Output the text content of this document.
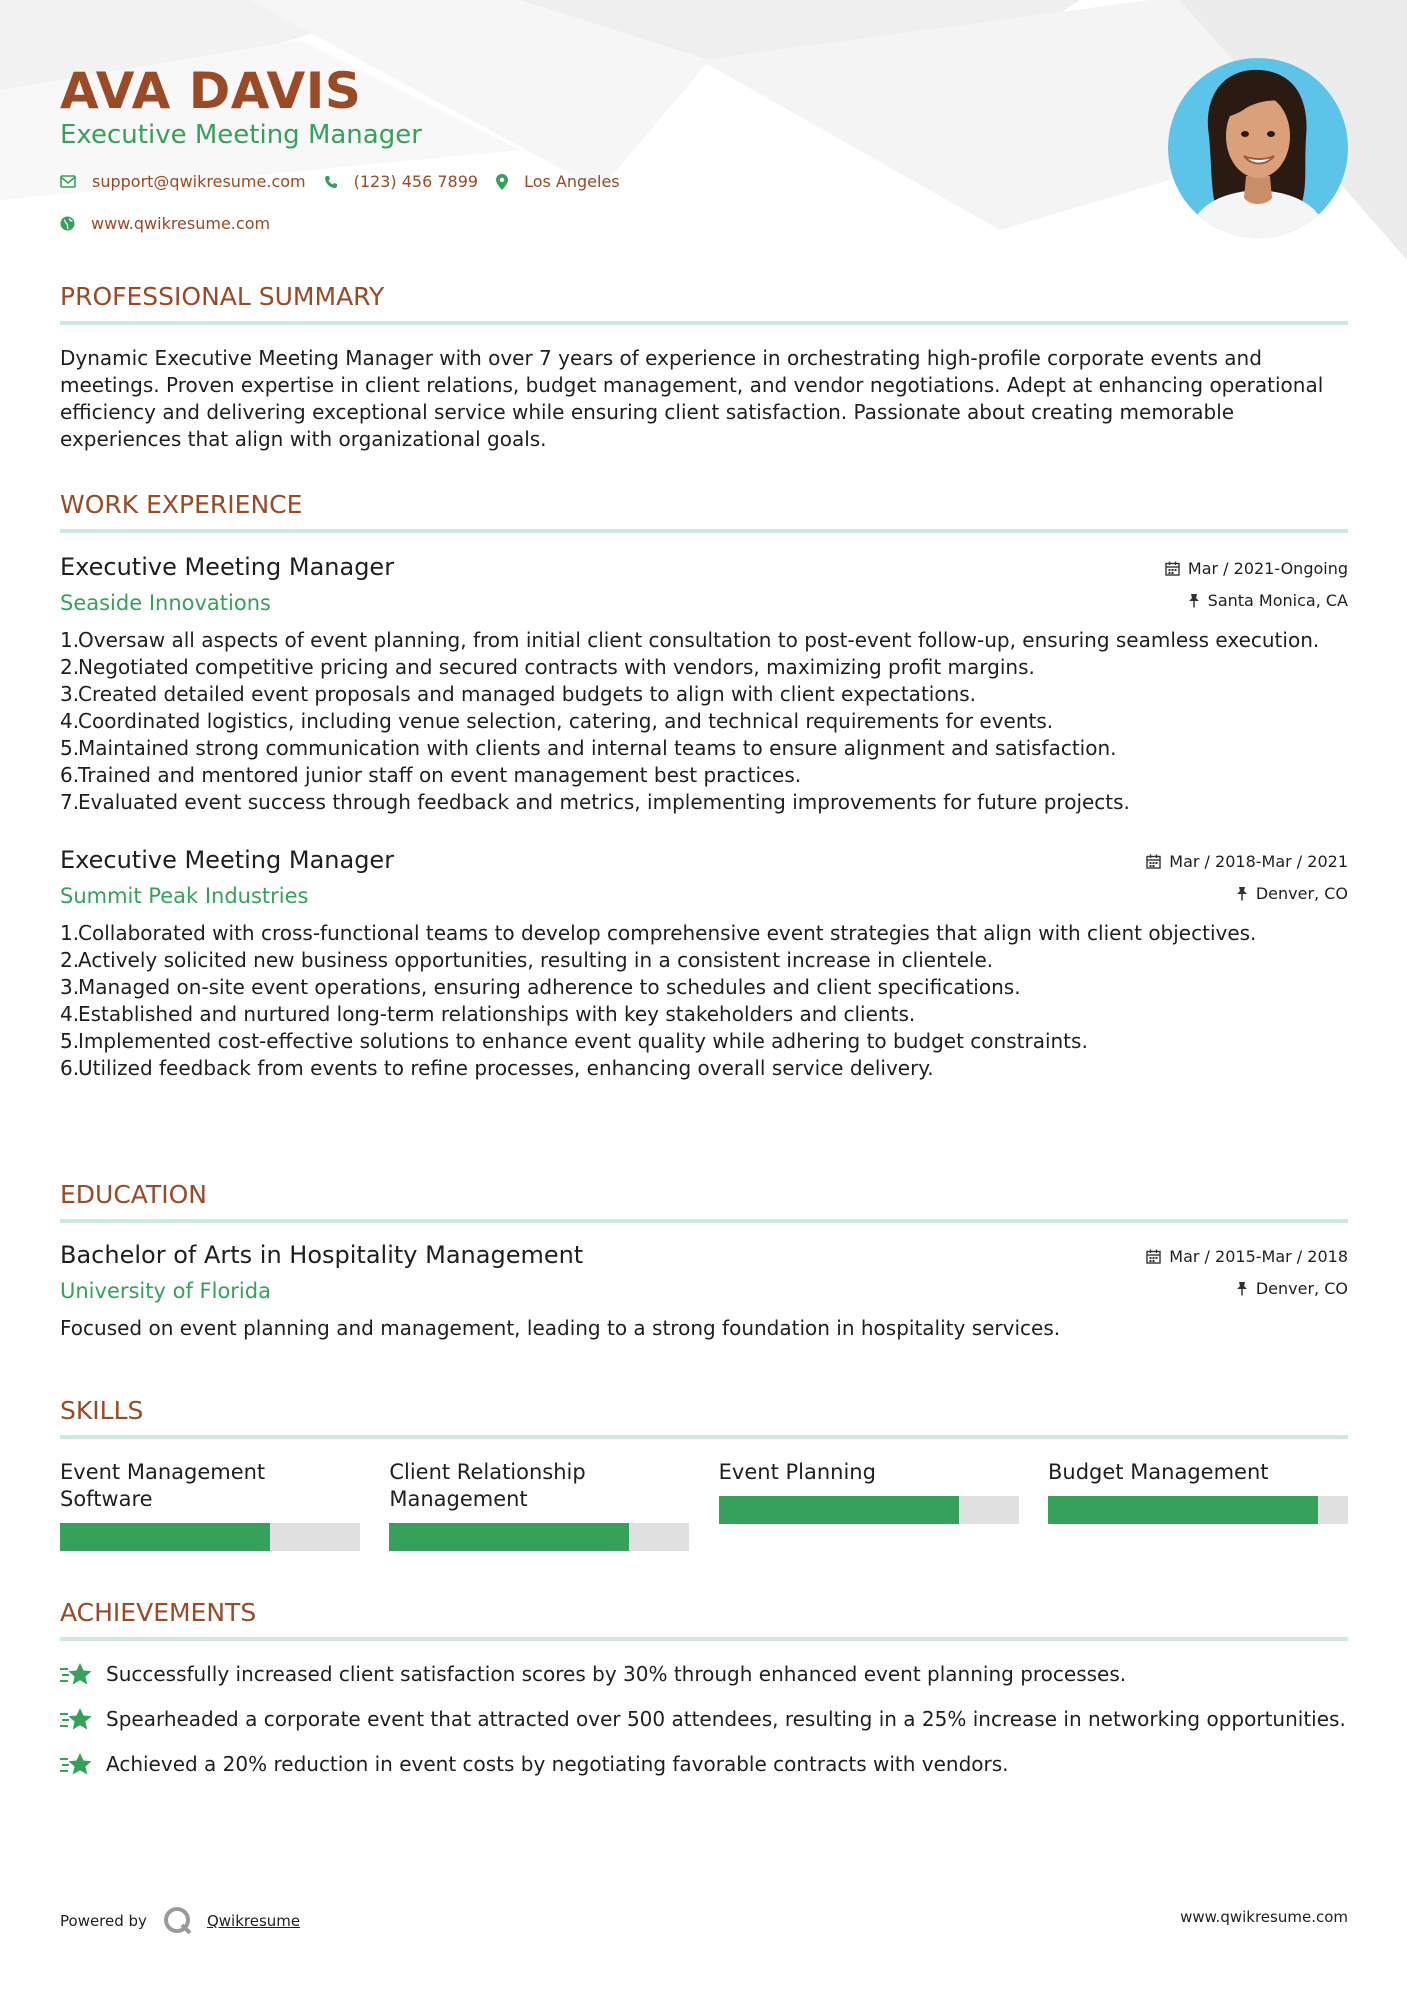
AVA DAVIS
Executive Meeting Manager
support@qwikresume.com	(123) 456 7899	Los Angeles
www.qwikresume.com
PROFESSIONAL SUMMARY
Dynamic Executive Meeting Manager with over 7 years of experience in orchestrating high-profile corporate events and meetings. Proven expertise in client relations, budget management, and vendor negotiations. Adept at enhancing operational efficiency and delivering exceptional service while ensuring client satisfaction. Passionate about creating memorable experiences that align with organizational goals.
WORK EXPERIENCE
Executive Meeting Manager
Seaside Innovations
Mar / 2021-Ongoing
Santa Monica, CA
1.
Oversaw all aspects of event planning, from initial client consultation to post-event follow-up, ensuring seamless execution.
2.
Negotiated competitive pricing and secured contracts with vendors, maximizing profit margins.
3.
Created detailed event proposals and managed budgets to align with client expectations.
4.
Coordinated logistics, including venue selection, catering, and technical requirements for events.
5.
Maintained strong communication with clients and internal teams to ensure alignment and satisfaction.
6.
Trained and mentored junior staff on event management best practices.
7.
Evaluated event success through feedback and metrics, implementing improvements for future projects.
Executive Meeting Manager
Summit Peak Industries
Mar / 2018-Mar / 2021
Denver, CO
1.
Collaborated with cross-functional teams to develop comprehensive event strategies that align with client objectives.
2.
Actively solicited new business opportunities, resulting in a consistent increase in clientele.
3.
Managed on-site event operations, ensuring adherence to schedules and client specifications.
4.
Established and nurtured long-term relationships with key stakeholders and clients.
5.
Implemented cost-effective solutions to enhance event quality while adhering to budget constraints.
6.
Utilized feedback from events to refine processes, enhancing overall service delivery.
EDUCATION
Bachelor of Arts in Hospitality Management
University of Florida
Mar / 2015-Mar / 2018
Denver, CO
Focused on event planning and management, leading to a strong foundation in hospitality services.
SKILLS
Event Management Software
Client Relationship Management
Event Planning	Budget Management
ACHIEVEMENTS
Successfully increased client satisfaction scores by 30% through enhanced event planning processes.
Spearheaded a corporate event that attracted over 500 attendees, resulting in a 25% increase in networking opportunities.
Achieved a 20% reduction in event costs by negotiating favorable contracts with vendors.
Powered by	Qwikresume	www.qwikresume.com
